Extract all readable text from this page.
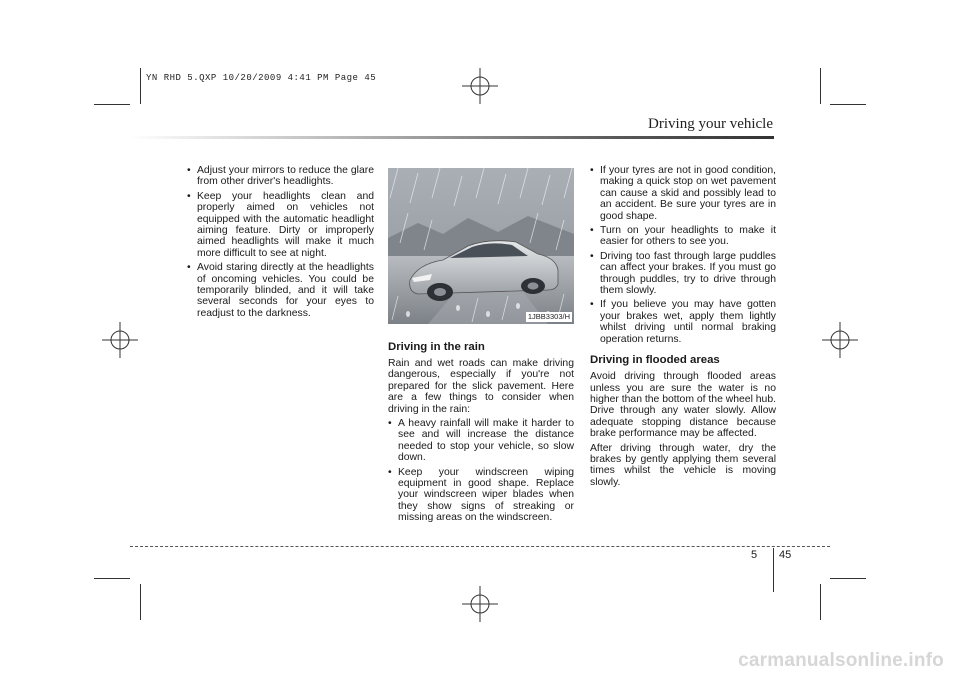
YN RHD 5.QXP 10/20/2009 4:41 PM Page 45
Driving your vehicle
• Adjust your mirrors to reduce the glare from other driver's headlights.
• Keep your headlights clean and properly aimed on vehicles not equipped with the automatic headlight aiming feature. Dirty or improperly aimed headlights will make it much more difficult to see at night.
• Avoid staring directly at the headlights of oncoming vehicles. You could be temporarily blinded, and it will take several seconds for your eyes to readjust to the darkness.	1JBB3303/H
Driving in the rain

Rain and wet roads can make driving dangerous, especially if you're not prepared for the slick pavement. Here are a few things to consider when driving in the rain:

• A heavy rainfall will make it harder to see and will increase the distance needed to stop your vehicle, so slow down.
• Keep your windscreen wiping equipment in good shape. Replace your windscreen wiper blades when they show signs of streaking or missing areas on the windscreen.
• If your tyres are not in good condition, making a quick stop on wet pavement can cause a skid and possibly lead to an accident. Be sure your tyres are in good shape.
• Turn on your headlights to make it easier for others to see you.
• Driving too fast through large puddles can affect your brakes. If you must go through puddles, try to drive through them slowly.
• If you believe you may have gotten your brakes wet, apply them lightly whilst driving until normal braking operation returns.
Driving in flooded areas

Avoid driving through flooded areas unless you are sure the water is no higher than the bottom of the wheel hub. Drive through any water slowly. Allow adequate stopping distance because brake performance may be affected.

After driving through water, dry the brakes by gently applying them several times whilst the vehicle is moving slowly.

5 45
carmanualsonline.info
